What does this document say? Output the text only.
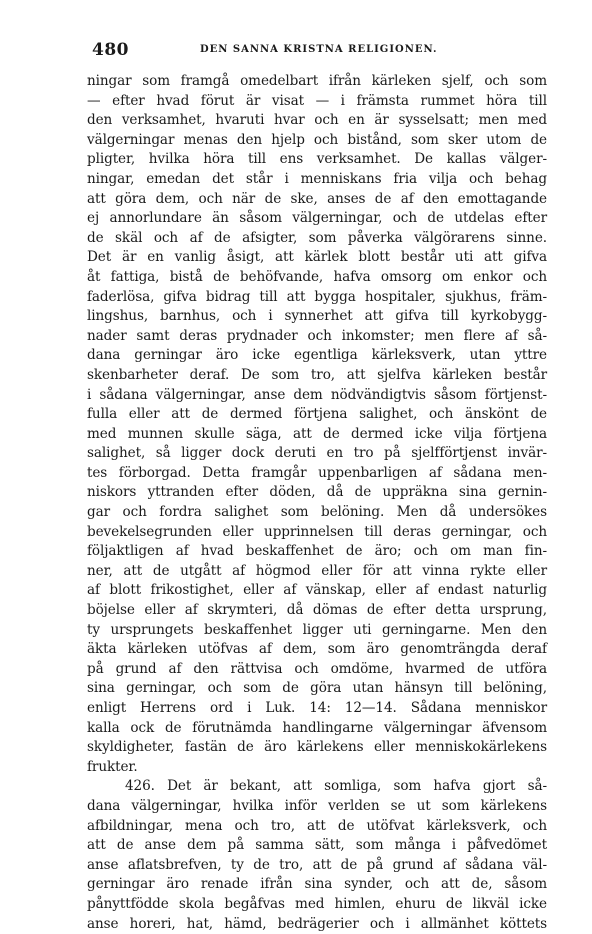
480	DEN SANNA KRISTNA RELIGIONEN.
ningar som framgå omedelbart ifrån kärleken sjelf, och som
— efter hvad förut är visat — i främsta rummet höra till
den verksamhet, hvaruti hvar och en är sysselsatt; men med
välgerningar menas den hjelp och bistånd, som sker utom de
pligter, hvilka höra till ens verksamhet. De kallas välger-
ningar, emedan det står i menniskans fria vilja och behag
att göra dem, och när de ske, anses de af den emottagande
ej annorlundare än såsom välgerningar, och de utdelas efter
de skäl och af de afsigter, som påverka välgörarens sinne.
Det är en vanlig åsigt, att kärlek blott består uti att gifva
åt fattiga, bistå de behöfvande, hafva omsorg om enkor och
faderlösa, gifva bidrag till att bygga hospitaler, sjukhus, främ-
lingshus, barnhus, och i synnerhet att gifva till kyrkobygg-
nader samt deras prydnader och inkomster; men flere af så-
dana gerningar äro icke egentliga kärleksverk, utan yttre
skenbarheter deraf. De som tro, att sjelfva kärleken består
i sådana välgerningar, anse dem nödvändigtvis såsom förtjenst-
fulla eller att de dermed förtjena salighet, och änskönt de
med munnen skulle säga, att de dermed icke vilja förtjena
salighet, så ligger dock deruti en tro på sjelfförtjenst invär-
tes förborgad. Detta framgår uppenbarligen af sådana men-
niskors yttranden efter döden, då de uppräkna sina gernin-
gar och fordra salighet som belöning. Men då undersökes
bevekelsegrunden eller upprinnelsen till deras gerningar, och
följaktligen af hvad beskaffenhet de äro; och om man fin-
ner, att de utgått af högmod eller för att vinna rykte eller
af blott frikostighet, eller af vänskap, eller af endast naturlig
böjelse eller af skrymteri, då dömas de efter detta ursprung,
ty ursprungets beskaffenhet ligger uti gerningarne. Men den
äkta kärleken utöfvas af dem, som äro genomträngda deraf
på grund af den rättvisa och omdöme, hvarmed de utföra
sina gerningar, och som de göra utan hänsyn till belöning,
enligt Herrens ord i Luk. 14: 12—14. Sådana menniskor
kalla ock de förutnämda handlingarne välgerningar äfvensom
skyldigheter, fastän de äro kärlekens eller menniskokärlekens
frukter.
426. Det är bekant, att somliga, som hafva gjort så-
dana välgerningar, hvilka inför verlden se ut som kärlekens
afbildningar, mena och tro, att de utöfvat kärleksverk, och
att de anse dem på samma sätt, som många i påfvedömet
anse aflatsbrefven, ty de tro, att de på grund af sådana väl-
gerningar äro renade ifrån sina synder, och att de, såsom
pånyttfödde skola begåfvas med himlen, ehuru de likväl icke
anse horeri, hat, hämd, bedrägerier och i allmänhet köttets
